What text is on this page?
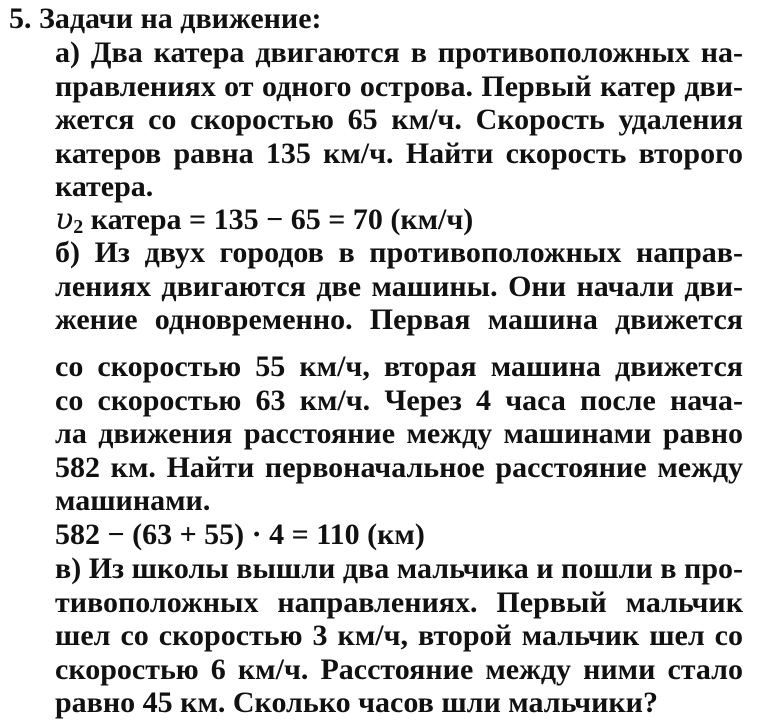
5. Задачи на движение:
а) Два катера двигаются в противоположных на-
правлениях от одного острова. Первый катер дви-
жется со скоростью 65 км/ч. Скорость удаления
катеров равна 135 км/ч. Найти скорость второго
катера.
$\upsilon_2$ катера = 135 − 65 = 70 (км/ч)
б) Из двух городов в противоположных направ-
лениях двигаются две машины. Они начали дви-
жение одновременно. Первая машина движется
со скоростью 55 км/ч, вторая машина движется
со скоростью 63 км/ч. Через 4 часа после нача-
ла движения расстояние между машинами равно
582 км. Найти первоначальное расстояние между
машинами.
582 − (63 + 55) · 4 = 110 (км)
в) Из школы вышли два мальчика и пошли в про-
тивоположных направлениях. Первый мальчик
шел со скоростью 3 км/ч, второй мальчик шел со
скоростью 6 км/ч. Расстояние между ними стало
равно 45 км. Сколько часов шли мальчики?
